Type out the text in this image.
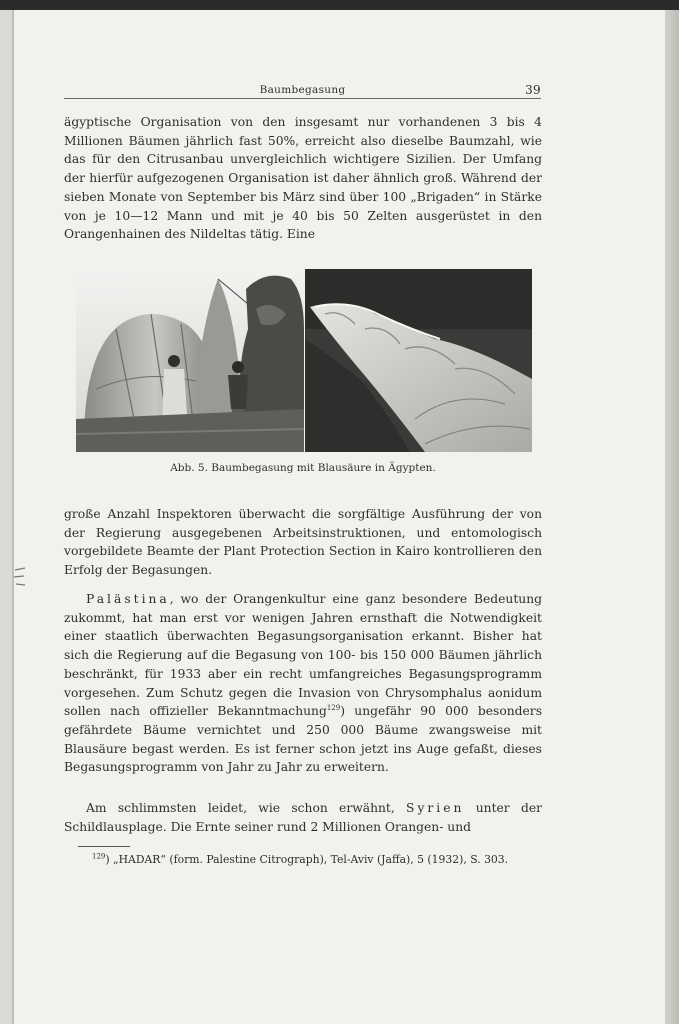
Baumbegasung	39
ägyptische Organisation von den insgesamt nur vorhandenen 3 bis 4 Millionen Bäumen jährlich fast 50%, erreicht also dieselbe Baumzahl, wie das für den Citrusanbau unvergleichlich wichtigere Sizilien. Der Umfang der hierfür aufgezogenen Organisation ist daher ähnlich groß. Während der sieben Monate von September bis März sind über 100 „Brigaden“ in Stärke von je 10—12 Mann und mit je 40 bis 50 Zelten ausgerüstet in den Orangenhainen des Nildeltas tätig. Eine
Abb. 5. Baumbegasung mit Blausäure in Ägypten.
große Anzahl Inspektoren überwacht die sorgfältige Ausführung der von der Regierung ausgegebenen Arbeitsinstruktionen, und entomologisch vorgebildete Beamte der Plant Protection Section in Kairo kontrollieren den Erfolg der Begasungen.
Palästina, wo der Orangenkultur eine ganz besondere Bedeutung zukommt, hat man erst vor wenigen Jahren ernsthaft die Notwendigkeit einer staatlich überwachten Begasungsorganisation erkannt. Bisher hat sich die Regierung auf die Begasung von 100- bis 150 000 Bäumen jährlich beschränkt, für 1933 aber ein recht umfangreiches Begasungsprogramm vorgesehen. Zum Schutz gegen die Invasion von Chrysomphalus aonidum sollen nach offizieller Bekanntmachung$^{129}$) ungefähr 90 000 besonders gefährdete Bäume vernichtet und 250 000 Bäume zwangsweise mit Blausäure begast werden. Es ist ferner schon jetzt ins Auge gefaßt, dieses Begasungsprogramm von Jahr zu Jahr zu erweitern.
Am schlimmsten leidet, wie schon erwähnt, Syrien unter der Schildlausplage. Die Ernte seiner rund 2 Millionen Orangen- und
$^{129}$) „HADAR“ (form. Palestine Citrograph), Tel-Aviv (Jaffa), 5 (1932), S. 303.
